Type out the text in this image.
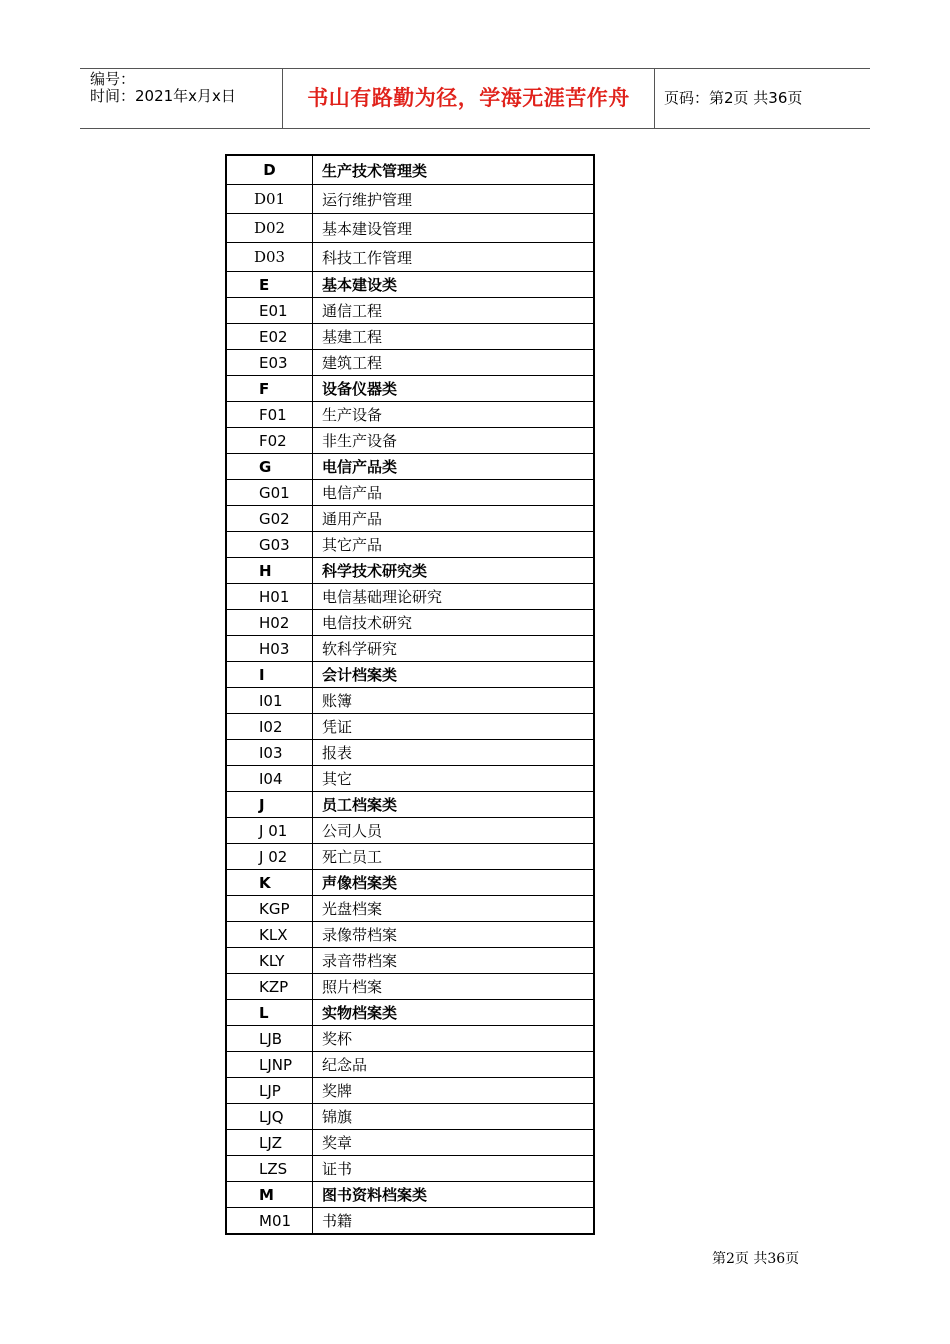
编号：
时间：2021年x月x日	书山有路勤为径，学海无涯苦作舟	页码：第2页 共36页
D	生产技术管理类
D01	运行维护管理
D02	基本建设管理
D03	科技工作管理
E	基本建设类
E01	通信工程
E02	基建工程
E03	建筑工程
F	设备仪器类
F01	生产设备
F02	非生产设备
G	电信产品类
G01	电信产品
G02	通用产品
G03	其它产品
H	科学技术研究类
H01	电信基础理论研究
H02	电信技术研究
H03	软科学研究
I	会计档案类
I01	账簿
I02	凭证
I03	报表
I04	其它
J	员工档案类
J 01	公司人员
J 02	死亡员工
K	声像档案类
KGP	光盘档案
KLX	录像带档案
KLY	录音带档案
KZP	照片档案
L	实物档案类
LJB	奖杯
LJNP	纪念品
LJP	奖牌
LJQ	锦旗
LJZ	奖章
LZS	证书
M	图书资料档案类
M01	书籍
第2页 共36页
